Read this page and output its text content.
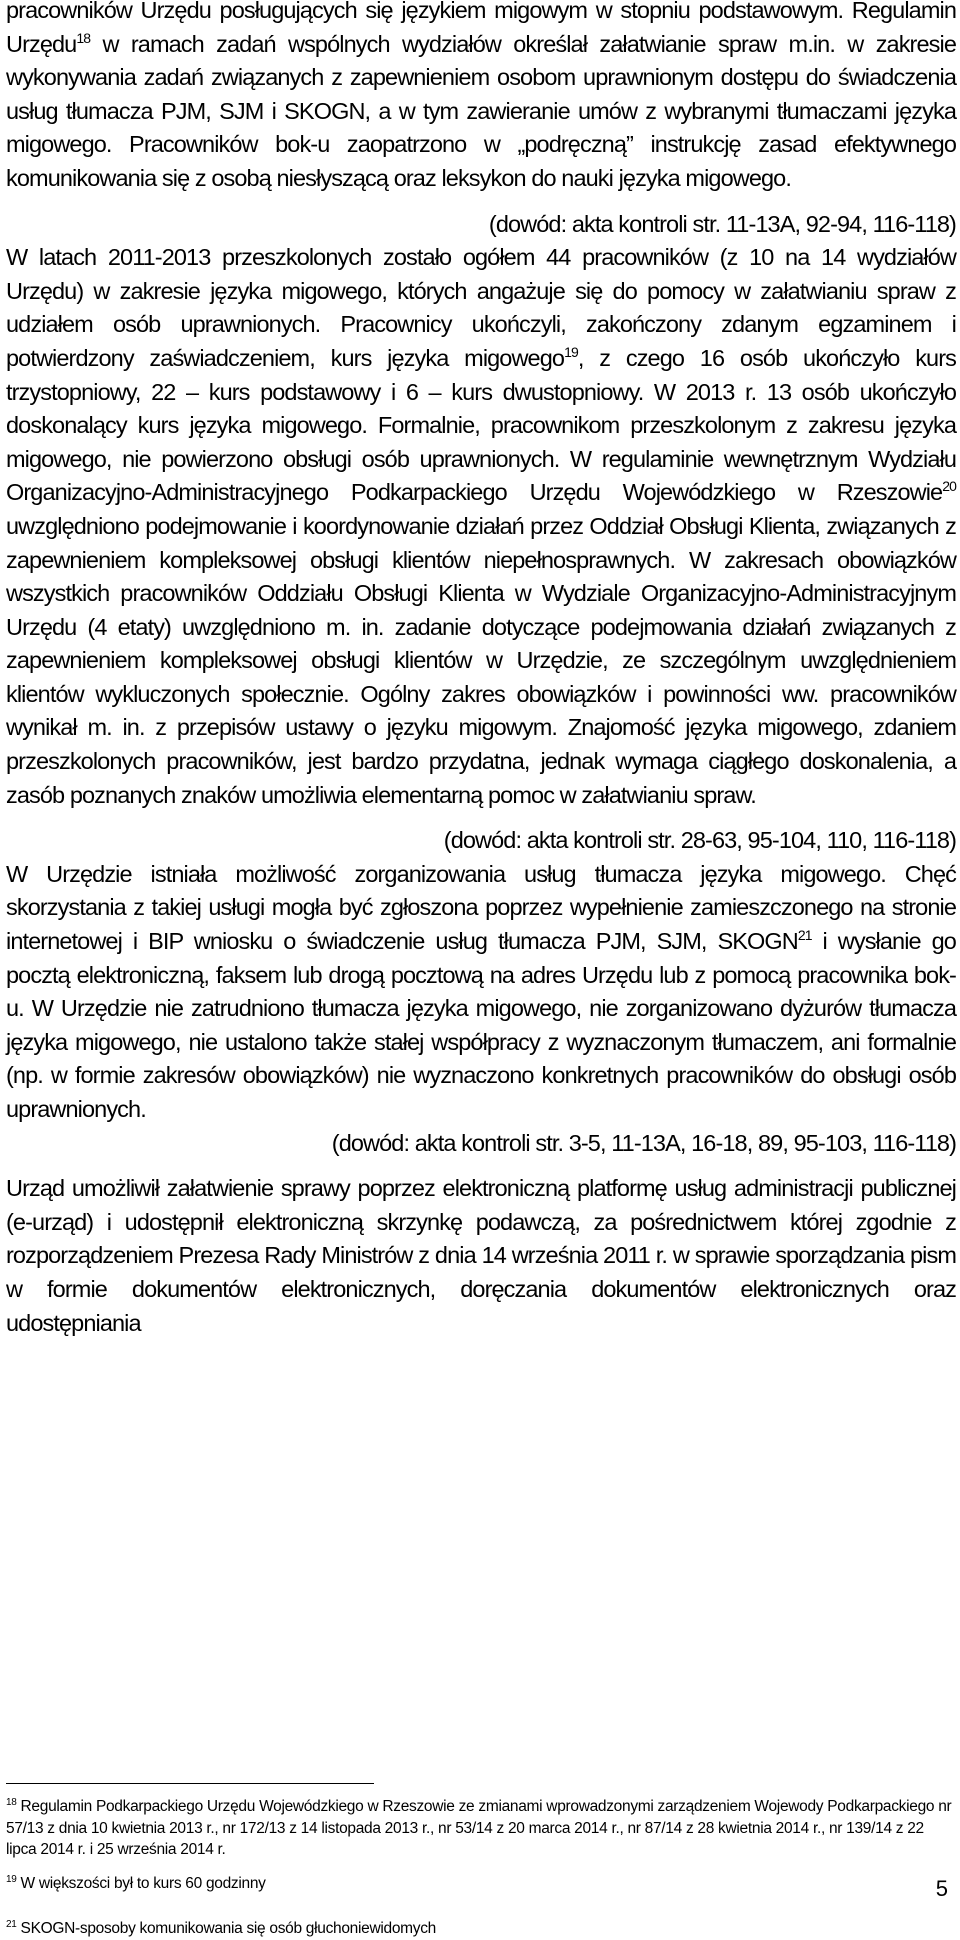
pracowników Urzędu posługujących się językiem migowym w stopniu podstawowym. Regulamin Urzędu$^{18}$ w ramach zadań wspólnych wydziałów określał załatwianie spraw m.in. w zakresie wykonywania zadań związanych z zapewnieniem osobom uprawnionym dostępu do świadczenia usług tłumacza PJM, SJM i SKOGN, a w tym zawieranie umów z wybranymi tłumaczami języka migowego. Pracowników bok-u zaopatrzono w „podręczną” instrukcję zasad efektywnego komunikowania się z osobą niesłyszącą oraz leksykon do nauki języka migowego.

(dowód: akta kontroli str. 11-13A, 92-94, 116-118)

W latach 2011-2013 przeszkolonych zostało ogółem 44 pracowników (z 10 na 14 wydziałów Urzędu) w zakresie języka migowego, których angażuje się do pomocy w załatwianiu spraw z udziałem osób uprawnionych. Pracownicy ukończyli, zakończony zdanym egzaminem i potwierdzony zaświadczeniem, kurs języka migowego$^{19}$, z czego 16 osób ukończyło kurs trzystopniowy, 22 – kurs podstawowy i 6 – kurs dwustopniowy. W 2013 r. 13 osób ukończyło doskonalący kurs języka migowego. Formalnie, pracownikom przeszkolonym z zakresu języka migowego, nie powierzono obsługi osób uprawnionych. W regulaminie wewnętrznym Wydziału Organizacyjno-Administracyjnego Podkarpackiego Urzędu Wojewódzkiego w Rzeszowie$^{20}$ uwzględniono podejmowanie i koordynowanie działań przez Oddział Obsługi Klienta, związanych z zapewnieniem kompleksowej obsługi klientów niepełnosprawnych. W zakresach obowiązków wszystkich pracowników Oddziału Obsługi Klienta w Wydziale Organizacyjno-Administracyjnym Urzędu (4 etaty) uwzględniono m. in. zadanie dotyczące podejmowania działań związanych z zapewnieniem kompleksowej obsługi klientów w Urzędzie, ze szczególnym uwzględnieniem klientów wykluczonych społecznie. Ogólny zakres obowiązków i powinności ww. pracowników wynikał m. in. z przepisów ustawy o języku migowym. Znajomość języka migowego, zdaniem przeszkolonych pracowników, jest bardzo przydatna, jednak wymaga ciągłego doskonalenia, a zasób poznanych znaków umożliwia elementarną pomoc w załatwianiu spraw.

(dowód: akta kontroli str. 28-63, 95-104, 110, 116-118)

W Urzędzie istniała możliwość zorganizowania usług tłumacza języka migowego. Chęć skorzystania z takiej usługi mogła być zgłoszona poprzez wypełnienie zamieszczonego na stronie internetowej i BIP wniosku o świadczenie usług tłumacza PJM, SJM, SKOGN$^{21}$ i wysłanie go pocztą elektroniczną, faksem lub drogą pocztową na adres Urzędu lub z pomocą pracownika bok-u. W Urzędzie nie zatrudniono tłumacza języka migowego, nie zorganizowano dyżurów tłumacza języka migowego, nie ustalono także stałej współpracy z wyznaczonym tłumaczem, ani formalnie (np. w formie zakresów obowiązków) nie wyznaczono konkretnych pracowników do obsługi osób uprawnionych.

(dowód: akta kontroli str. 3-5, 11-13A, 16-18, 89, 95-103, 116-118)

Urząd umożliwił załatwienie sprawy poprzez elektroniczną platformę usług administracji publicznej (e-urząd) i udostępnił elektroniczną skrzynkę podawczą, za pośrednictwem której zgodnie z rozporządzeniem Prezesa Rady Ministrów z dnia 14 września 2011 r. w sprawie sporządzania pism w formie dokumentów elektronicznych, doręczania dokumentów elektronicznych oraz udostępniania

$^{18}$ Regulamin Podkarpackiego Urzędu Wojewódzkiego w Rzeszowie ze zmianami wprowadzonymi zarządzeniem Wojewody Podkarpackiego nr 57/13 z dnia 10 kwietnia 2013 r., nr 172/13 z 14 listopada 2013 r., nr 53/14 z 20 marca 2014 r., nr 87/14 z 28 kwietnia 2014 r., nr 139/14 z 22 lipca 2014 r. i 25 września 2014 r.

$^{19}$ W większości był to kurs 60 godzinny

$^{21}$ SKOGN-sposoby komunikowania się osób głuchoniewidomych

5
